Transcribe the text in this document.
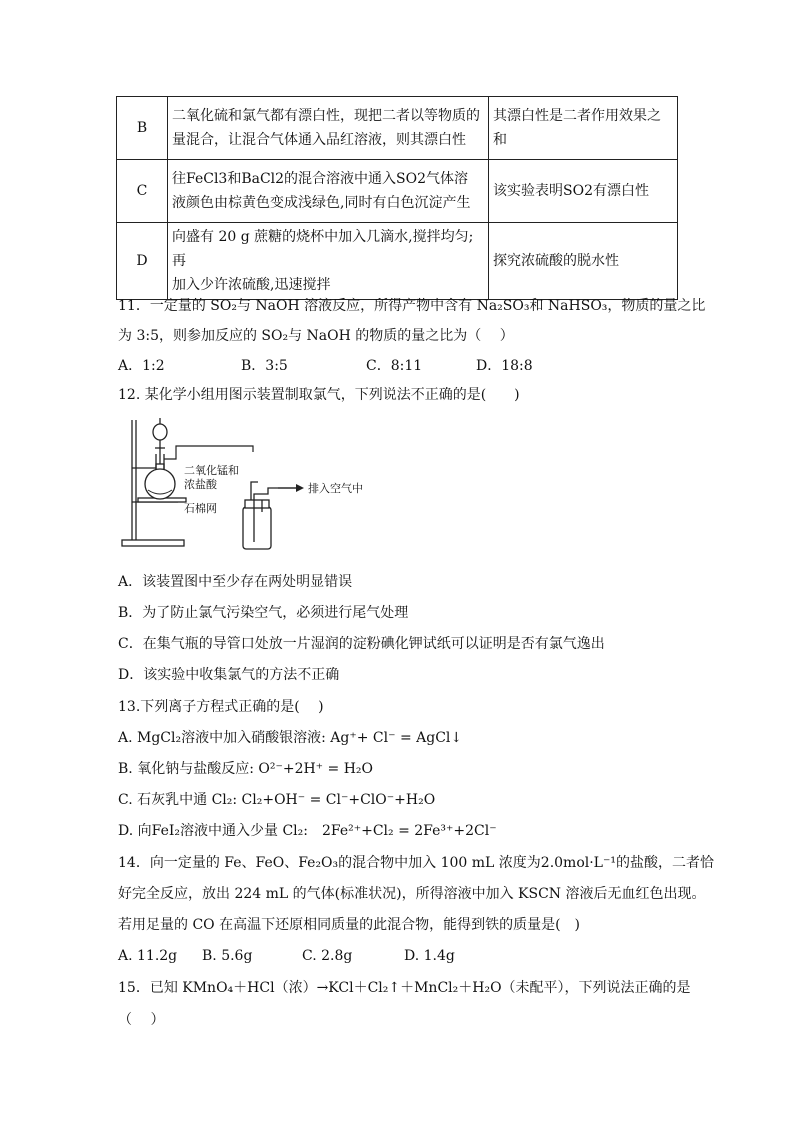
B	二氧化硫和氯气都有漂白性，现把二者以等物质的
量混合，让混合气体通入品红溶液，则其漂白性	其漂白性是二者作用效果之和
C	往FeCl3和BaCl2的混合溶液中通入SO2气体溶
液颜色由棕黄色变成浅绿色,同时有白色沉淀产生	该实验表明SO2有漂白性
D	向盛有 20 g 蔗糖的烧杯中加入几滴水,搅拌均匀;再
加入少许浓硫酸,迅速搅拌	探究浓硫酸的脱水性
11．一定量的 SO₂与 NaOH 溶液反应，所得产物中含有 Na₂SO₃和 NaHSO₃，物质的量之比
为 3:5，则参加反应的 SO₂与 NaOH 的物质的量之比为（　 ）
A．1:2	B．3:5	C．8:11	D．18:8
12. 某化学小组用图示装置制取氯气，下列说法不正确的是(　　)
二氧化锰和
浓盐酸
石棉网
排入空气中
A．该装置图中至少存在两处明显错误
B．为了防止氯气污染空气，必须进行尾气处理
C．在集气瓶的导管口处放一片湿润的淀粉碘化钾试纸可以证明是否有氯气逸出
D．该实验中收集氯气的方法不正确
13.下列离子方程式正确的是(　 )
A. MgCl₂溶液中加入硝酸银溶液: Ag⁺+ Cl⁻ = AgCl↓
B. 氧化钠与盐酸反应: O²⁻+2H⁺ = H₂O
C. 石灰乳中通 Cl₂: Cl₂+OH⁻ = Cl⁻+ClO⁻+H₂O
D. 向FeI₂溶液中通入少量 Cl₂:　2Fe²⁺+Cl₂ = 2Fe³⁺+2Cl⁻
14．向一定量的 Fe、FeO、Fe₂O₃的混合物中加入 100 mL 浓度为2.0mol·L⁻¹的盐酸，二者恰
好完全反应，放出 224 mL 的气体(标准状况)，所得溶液中加入 KSCN 溶液后无血红色出现。
若用足量的 CO 在高温下还原相同质量的此混合物，能得到铁的质量是(　)
A. 11.2g B. 5.6g	C. 2.8g	D. 1.4g
15．已知 KMnO₄＋HCl（浓）→KCl＋Cl₂↑＋MnCl₂＋H₂O（未配平），下列说法正确的是
（　 ）
